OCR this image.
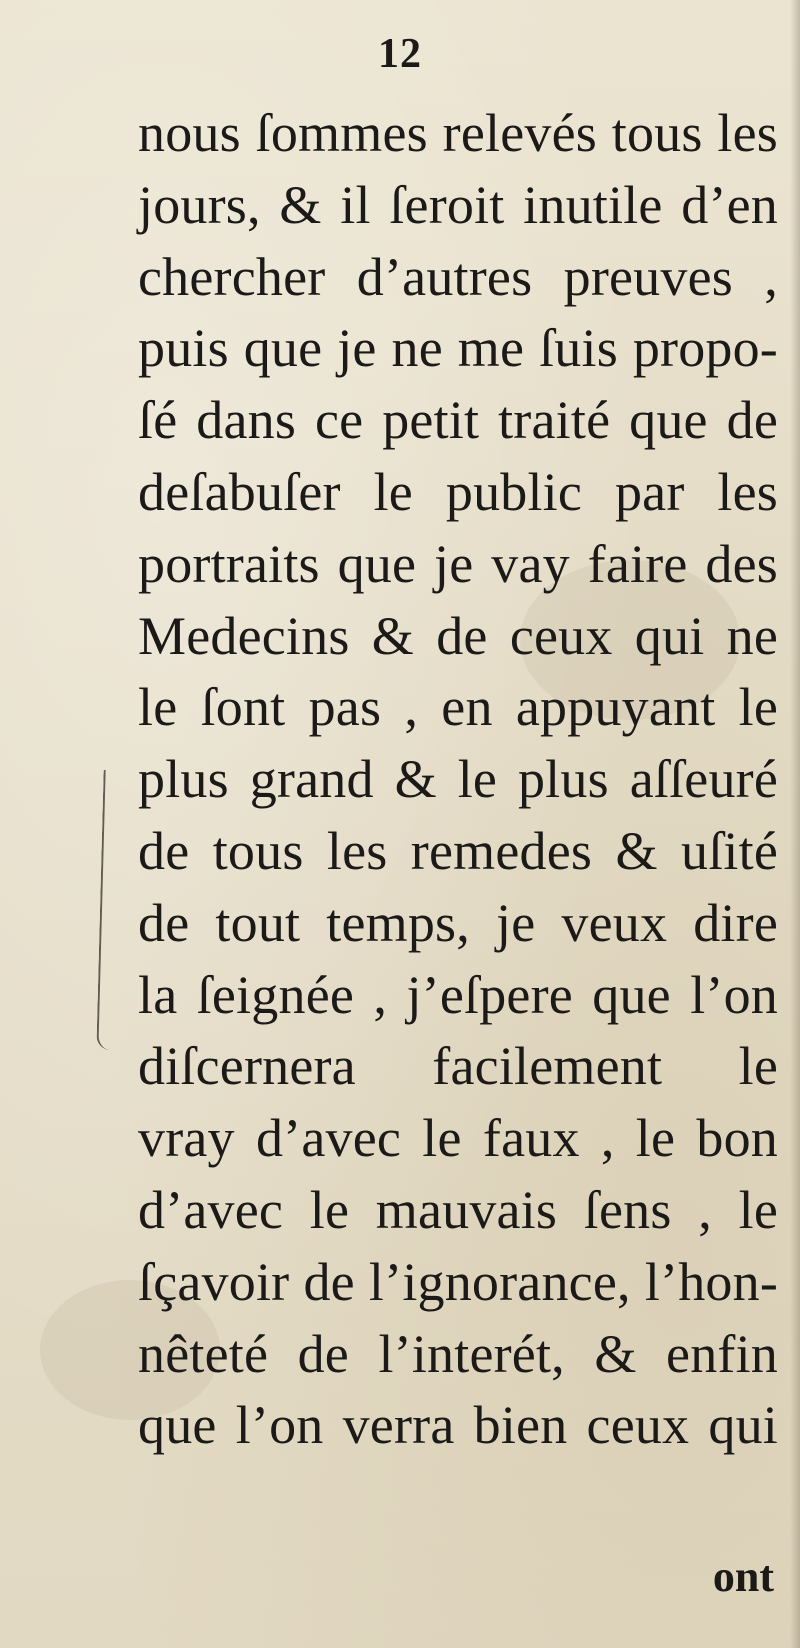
12
nous ſommes relevés tous les
jours, & il ſeroit inutile d’en
chercher d’autres preuves ,
puis que je ne me ſuis propo-
ſé dans ce petit traité que de
deſabuſer le public par les
portraits que je vay faire des
Medecins & de ceux qui ne
le ſont pas , en appuyant le
plus grand & le plus aſſeuré
de tous les remedes & uſité
de tout temps, je veux dire
la ſeignée , j’eſpere que l’on
diſcernera facilement le
vray d’avec le faux , le bon
d’avec le mauvais ſens , le
ſçavoir de l’ignorance, l’hon-
nêteté de l’interét, & enfin
que l’on verra bien ceux qui
ont
